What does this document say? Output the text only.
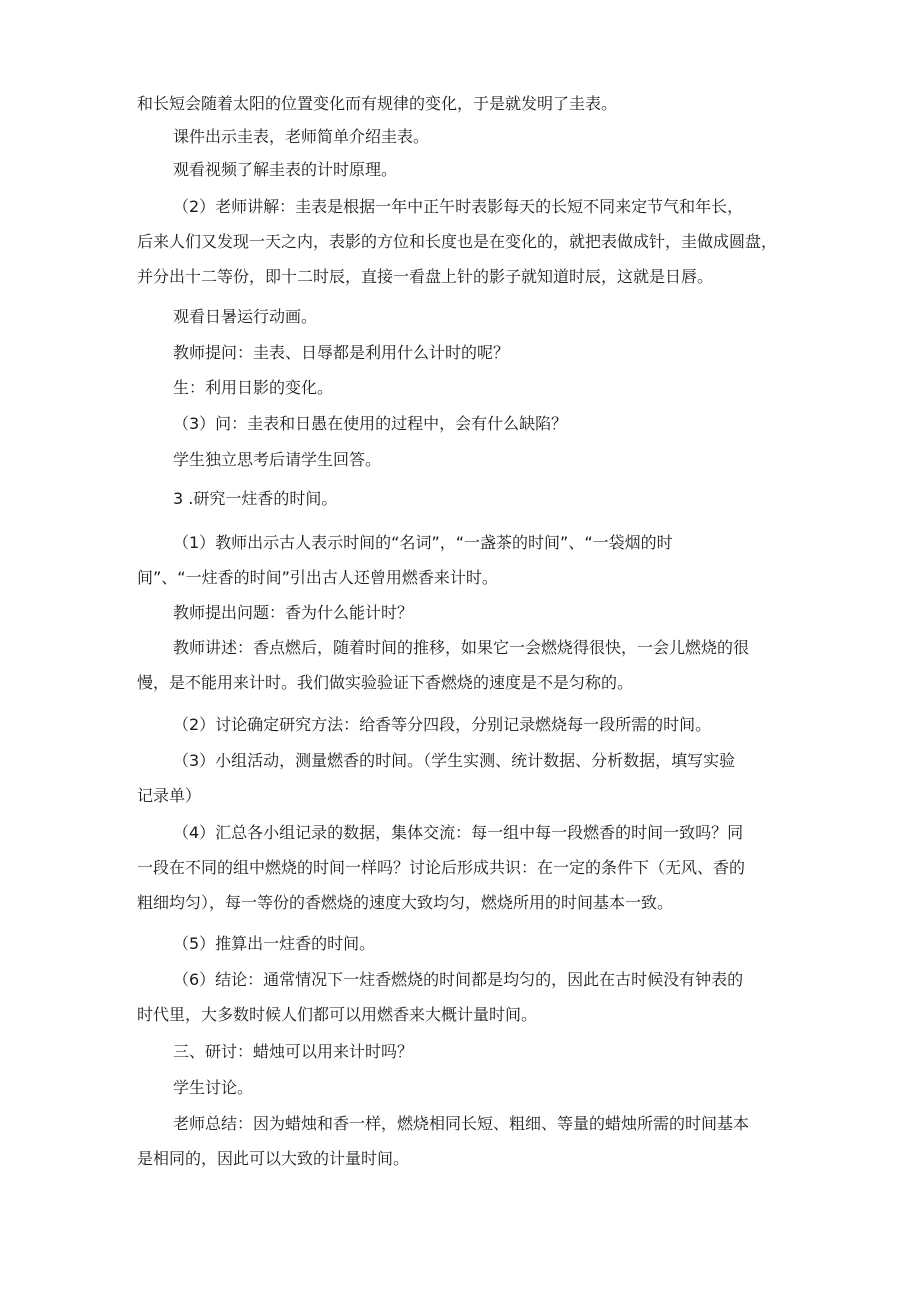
和长短会随着太阳的位置变化而有规律的变化，于是就发明了圭表。
课件出示圭表，老师简单介绍圭表。
观看视频了解圭表的计时原理。
（2）老师讲解：圭表是根据一年中正午时表影每天的长短不同来定节气和年长，
后来人们又发现一天之内，表影的方位和长度也是在变化的，就把表做成针，圭做成圆盘，
并分出十二等份，即十二时辰，直接一看盘上针的影子就知道时辰，这就是日唇。
观看日暑运行动画。
教师提问：圭表、日辱都是利用什么计时的呢？
生：利用日影的变化。
（3）问：圭表和日愚在使用的过程中，会有什么缺陷？
学生独立思考后请学生回答。
3 .研究一炷香的时间。
（1）教师出示古人表示时间的“名词”，“一盏茶的时间”、“一袋烟的时
间”、“一炷香的时间”引出古人还曾用燃香来计时。
教师提出问题：香为什么能计时？
教师讲述：香点燃后，随着时间的推移，如果它一会燃烧得很快，一会儿燃烧的很
慢，是不能用来计时。我们做实验验证下香燃烧的速度是不是匀称的。
（2）讨论确定研究方法：给香等分四段，分别记录燃烧每一段所需的时间。
（3）小组活动，测量燃香的时间。（学生实测、统计数据、分析数据，填写实验
记录单）
（4）汇总各小组记录的数据，集体交流：每一组中每一段燃香的时间一致吗？同
一段在不同的组中燃烧的时间一样吗？讨论后形成共识：在一定的条件下（无风、香的
粗细均匀），每一等份的香燃烧的速度大致均匀，燃烧所用的时间基本一致。
（5）推算出一炷香的时间。
（6）结论：通常情况下一炷香燃烧的时间都是均匀的，因此在古时候没有钟表的
时代里，大多数时候人们都可以用燃香来大概计量时间。
三、研讨：蜡烛可以用来计时吗？
学生讨论。
老师总结：因为蜡烛和香一样，燃烧相同长短、粗细、等量的蜡烛所需的时间基本
是相同的，因此可以大致的计量时间。
